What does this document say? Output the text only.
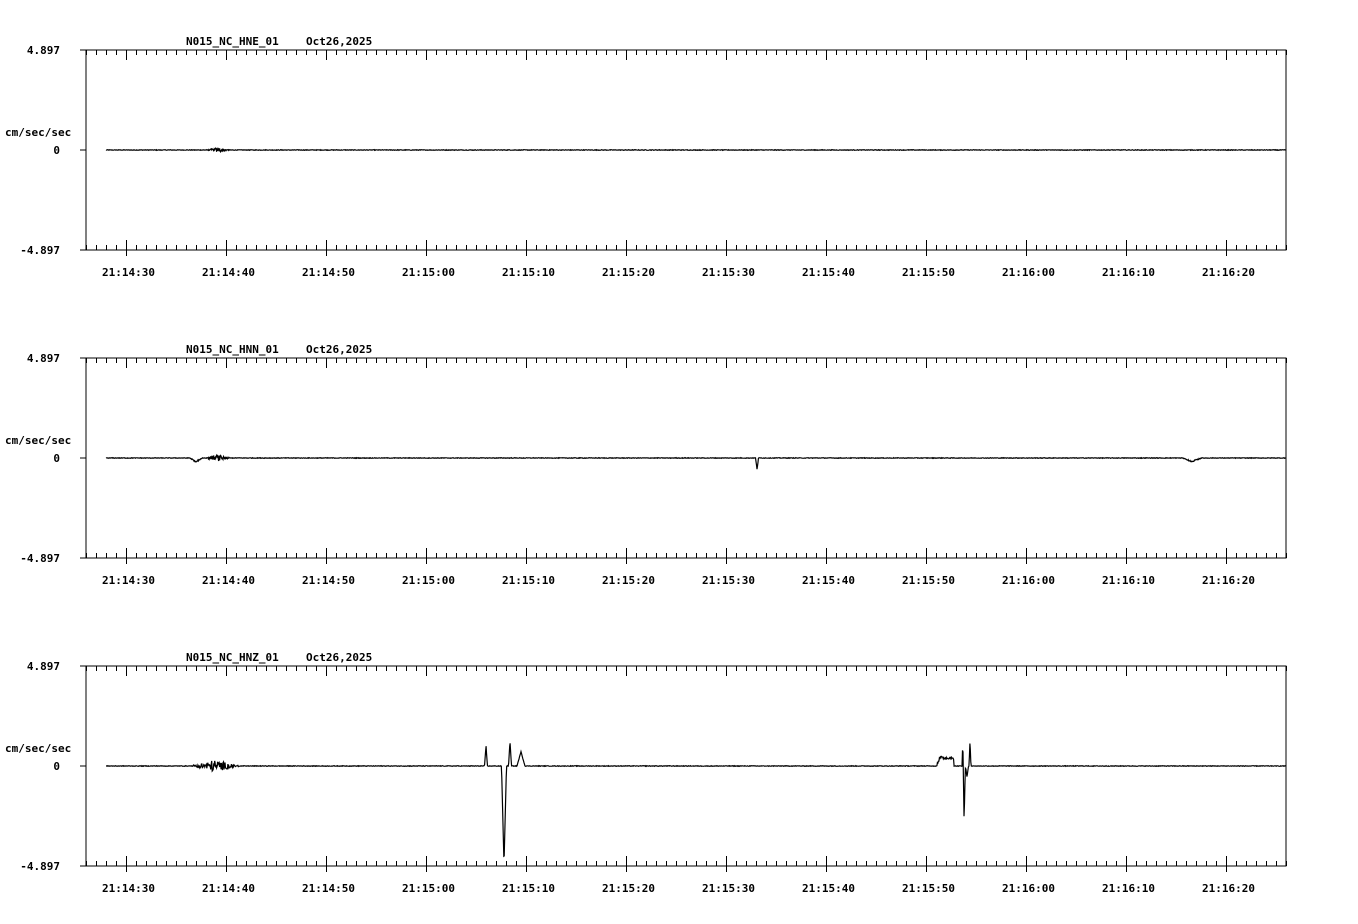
N015_NC_HNE_01 Oct26,2025
4.897
0
-4.897
cm/sec/sec
21:14:30	21:14:40	21:14:50	21:15:00	21:15:10	21:15:20	21:15:30	21:15:40	21:15:50	21:16:00	21:16:10	21:16:20
N015_NC_HNN_01 Oct26,2025
4.897
0
-4.897
cm/sec/sec
21:14:30	21:14:40	21:14:50	21:15:00	21:15:10	21:15:20	21:15:30	21:15:40	21:15:50	21:16:00	21:16:10	21:16:20
N015_NC_HNZ_01 Oct26,2025
4.897
0
-4.897
cm/sec/sec
21:14:30	21:14:40	21:14:50	21:15:00	21:15:10	21:15:20	21:15:30	21:15:40	21:15:50	21:16:00	21:16:10	21:16:20
